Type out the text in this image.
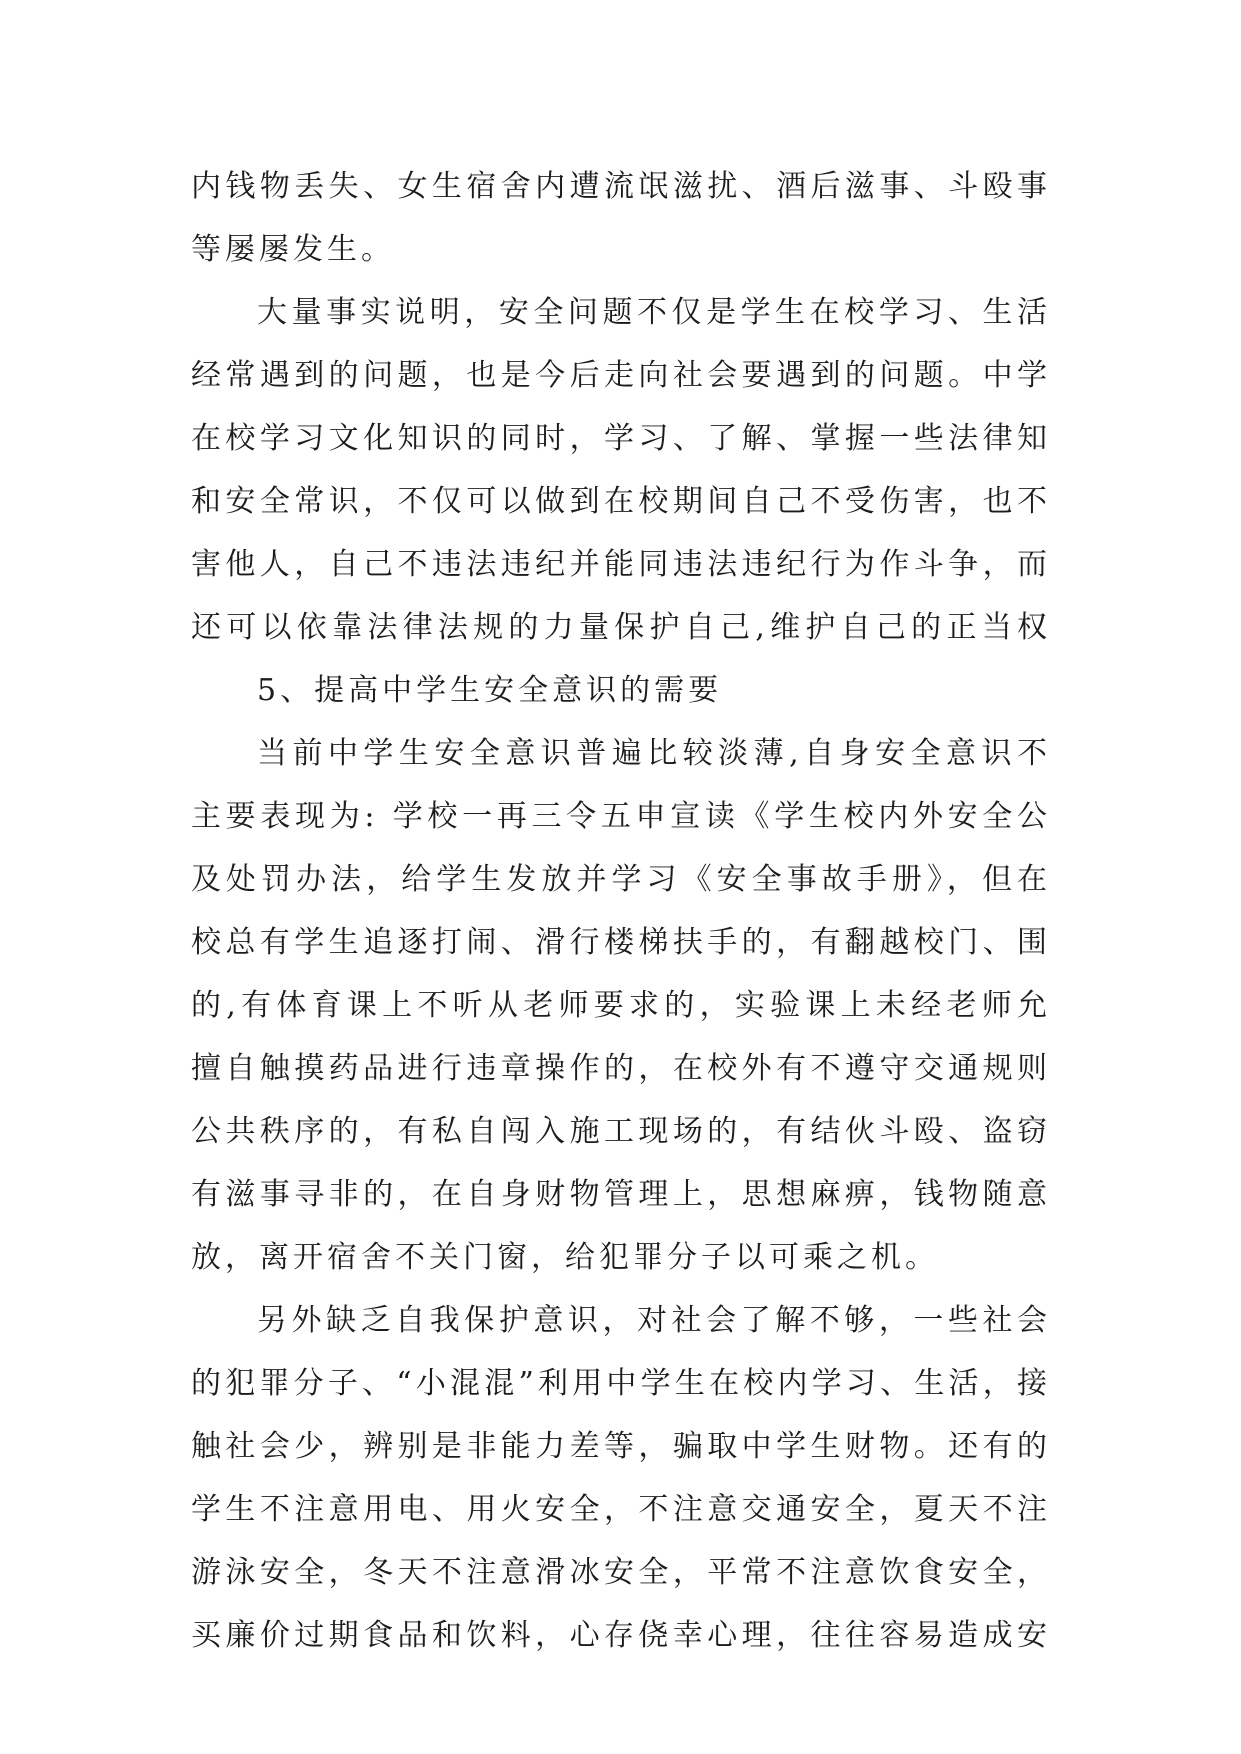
内钱物丢失、女生宿舍内遭流氓滋扰、酒后滋事、斗殴事
等屡屡发生。
大量事实说明，安全问题不仅是学生在校学习、生活
经常遇到的问题，也是今后走向社会要遇到的问题。中学
在校学习文化知识的同时，学习、了解、掌握一些法律知
和安全常识，不仅可以做到在校期间自己不受伤害，也不
害他人，自己不违法违纪并能同违法违纪行为作斗争，而
还可以依靠法律法规的力量保护自己,维护自己的正当权
5、提高中学生安全意识的需要
当前中学生安全意识普遍比较淡薄,自身安全意识不
主要表现为: 学校一再三令五申宣读《学生校内外安全公
及处罚办法，给学生发放并学习《安全事故手册》，但在
校总有学生追逐打闹、滑行楼梯扶手的，有翻越校门、围
的,有体育课上不听从老师要求的，实验课上未经老师允
擅自触摸药品进行违章操作的，在校外有不遵守交通规则
公共秩序的，有私自闯入施工现场的，有结伙斗殴、盗窃
有滋事寻非的，在自身财物管理上，思想麻痹，钱物随意
放，离开宿舍不关门窗，给犯罪分子以可乘之机。
另外缺乏自我保护意识，对社会了解不够，一些社会
的犯罪分子、“小混混”利用中学生在校内学习、生活，接
触社会少，辨别是非能力差等，骗取中学生财物。还有的
学生不注意用电、用火安全，不注意交通安全，夏天不注
游泳安全，冬天不注意滑冰安全，平常不注意饮食安全，
买廉价过期食品和饮料，心存侥幸心理，往往容易造成安
